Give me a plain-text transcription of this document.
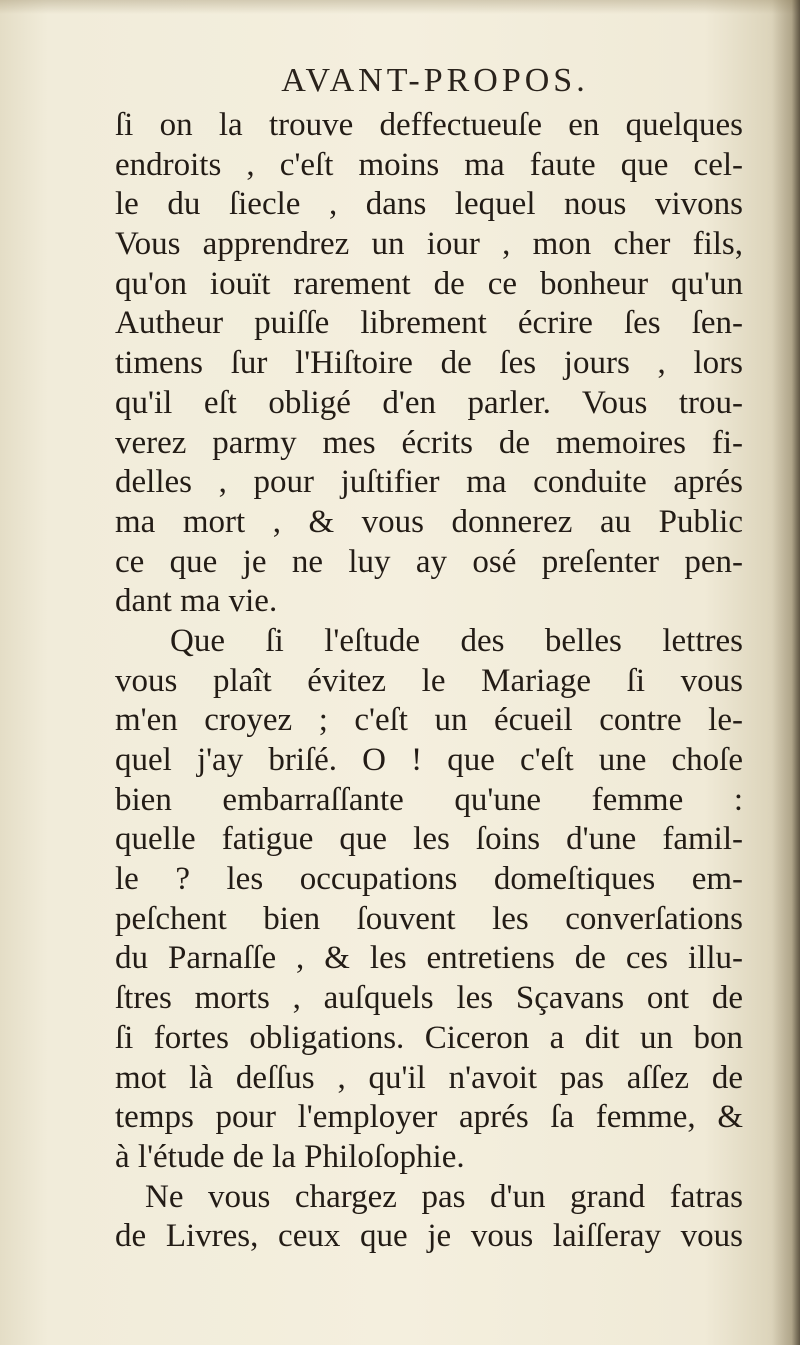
AVANT-PROPOS.
ſi on la trouve deffectueuſe en quelques
endroits , c'eſt moins ma faute que cel-
le du ſiecle , dans lequel nous vivons
Vous apprendrez un iour , mon cher fils,
qu'on iouït rarement de ce bonheur qu'un
Autheur puiſſe librement écrire ſes ſen-
timens ſur l'Hiſtoire de ſes jours , lors
qu'il eſt obligé d'en parler. Vous trou-
verez parmy mes écrits de memoires fi-
delles , pour juſtifier ma conduite aprés
ma mort , & vous donnerez au Public
ce que je ne luy ay osé preſenter pen-
dant ma vie.
Que ſi l'eſtude des belles lettres
vous plaît évitez le Mariage ſi vous
m'en croyez ; c'eſt un écueil contre le-
quel j'ay briſé. O ! que c'eſt une choſe
bien embarraſſante qu'une femme :
quelle fatigue que les ſoins d'une famil-
le ? les occupations domeſtiques em-
peſchent bien ſouvent les converſations
du Parnaſſe , & les entretiens de ces illu-
ſtres morts , auſquels les Sçavans ont de
ſi fortes obligations. Ciceron a dit un bon
mot là deſſus , qu'il n'avoit pas aſſez de
temps pour l'employer aprés ſa femme, &
à l'étude de la Philoſophie.
Ne vous chargez pas d'un grand fatras
de Livres, ceux que je vous laiſſeray vous
